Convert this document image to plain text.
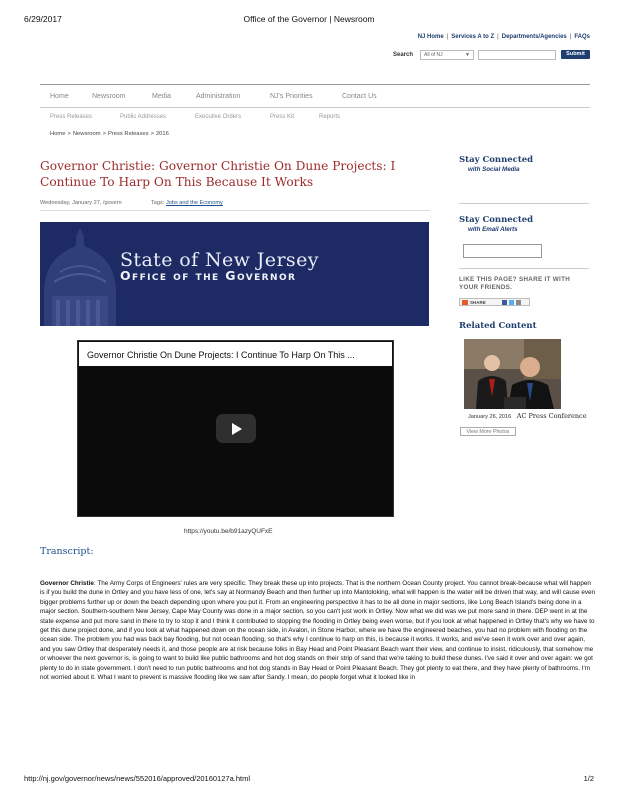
6/29/2017	Office of the Governor | Newsroom
NJ Home | Services A to Z | Departments/Agencies | FAQs
Search	All of NJ	▼	Submit
Home	Newsroom	Media	Administration	NJ's Priorities	Contact Us
Press Releases	Public Addresses	Executive Orders	Press Kit	Reports
Home > Newsroom > Press Releases > 2016
Governor Christie: Governor Christie On Dune Projects: I Continue To Harp On This Because It Works
Wednesday, January 27, /govern	Tags: Jobs and the Economy
State of New Jersey
Office of the Governor
Governor Christie On Dune Projects: I Continue To Harp On This ...
https://youtu.be/b91azyQUFxE
Transcript:

Governor Christie: The Army Corps of Engineers' rules are very specific. They break these up into projects. That is the northern Ocean County project. You cannot break-because what will happen is if you build the dune in Ortley and you have less of one, let's say at Normandy Beach and then further up into Mantoloking, what will happen is the water will be driven that way, and will cause even bigger problems further up or down the beach depending upon where you put it. From an engineering perspective it has to be all done in major sections, like Long Beach Island's being done in a major section. Southern-southern New Jersey, Cape May County was done in a major section, so you can't just work in Ortley. Now what we did was we put more sand in there. DEP went in at the state expense and put more sand in there to try to stop it and I think it contributed to stopping the flooding in Ortley being even worse, but if you look at what happened in Ortley that's why we have to get this dune project done, and if you look at what happened down on the ocean side, in Avalon, in Stone Harbor, where we have the engineered beaches, you had no problem with flooding on the ocean side. The problem you had was back bay flooding, but not ocean flooding, so that's why I continue to harp on this, is because it works. It works, and we've seen it work over and over again, and you saw Ortley that desperately needs it, and those people are at risk because folks in Bay Head and Point Pleasant Beach want their view, and continue to insist, ridiculously, that somehow me or whoever the next governor is, is going to want to build like public bathrooms and hot dog stands on their strip of sand that we're taking to build these dunes. I've said it over and over again: we got plenty to do in state government. I don't need to run public bathrooms and hot dog stands in Bay Head or Point Pleasant Beach. They got plenty to eat there, and they have plenty of bathrooms. I'm not worried about it. What I want to prevent is massive flooding like we saw after Sandy. I mean, do people forget what it looked like in

Stay Connected
with Social Media
Stay Connected
with Email Alerts
LIKE THIS PAGE? SHARE IT WITH YOUR FRIENDS.
SHARE
Related Content
January 26, 2016 AC Press Conference
View More Photos
http://nj.gov/governor/news/news/552016/approved/20160127a.html	1/2
